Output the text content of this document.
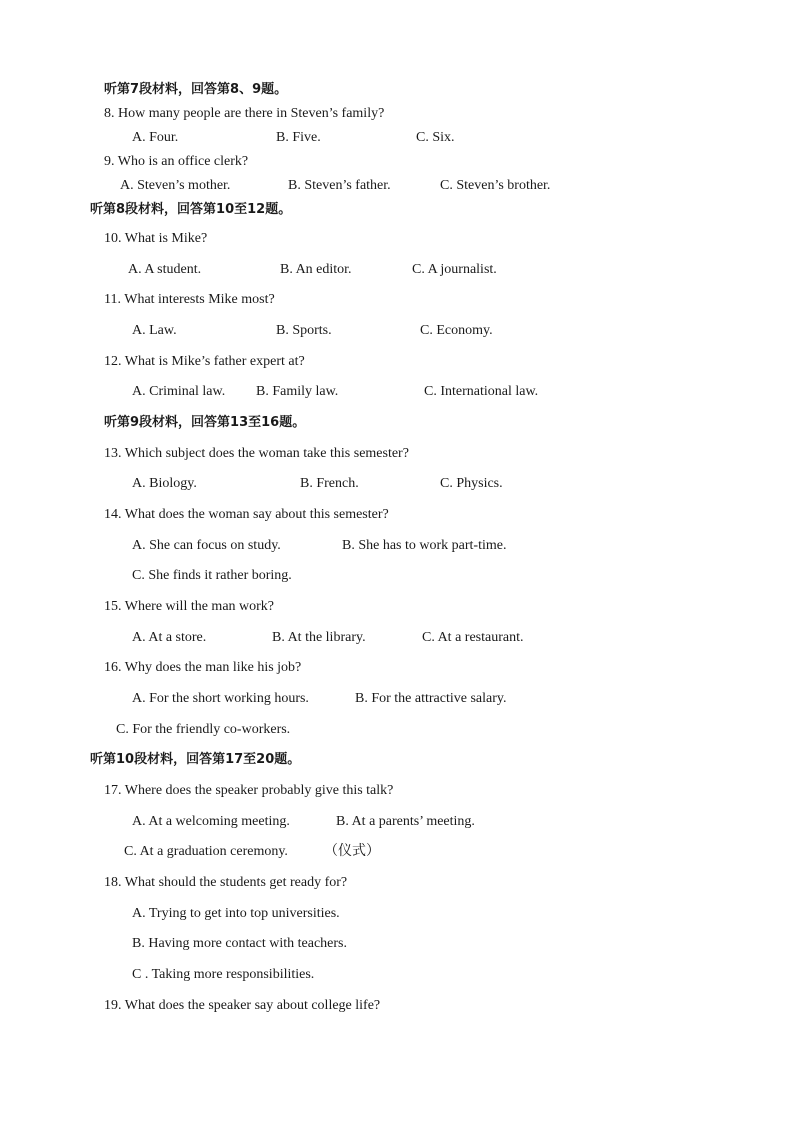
听第7段材料，回答第8、9题。
8. How many people are there in Steven’s family?
A. Four.	B. Five.	C. Six.
9. Who is an office clerk?
A. Steven’s mother.	B. Steven’s father.	C. Steven’s brother.
听第8段材料，回答第10至12题。
10. What is Mike?
A. A student.	B. An editor.	C. A journalist.
11. What interests Mike most?
A. Law.	B. Sports.	C. Economy.
12. What is Mike’s father expert at?
A. Criminal law. B. Family law.	C. International law.
听第9段材料，回答第13至16题。
13. Which subject does the woman take this semester?
A. Biology.	B. French.	C. Physics.
14. What does the woman say about this semester?
A. She can focus on study.	B. She has to work part-time.
C. She finds it rather boring.
15. Where will the man work?
A. At a store.	B. At the library.	C. At a restaurant.
16. Why does the man like his job?
A. For the short working hours.	B. For the attractive salary.
C. For the friendly co-workers.
听第10段材料，回答第17至20题。
17. Where does the speaker probably give this talk?
A. At a welcoming meeting.	B. At a parents’ meeting.
C. At a graduation ceremony.	（仪式）
18. What should the students get ready for?
A. Trying to get into top universities.
B. Having more contact with teachers.
C . Taking more responsibilities.
19. What does the speaker say about college life?
